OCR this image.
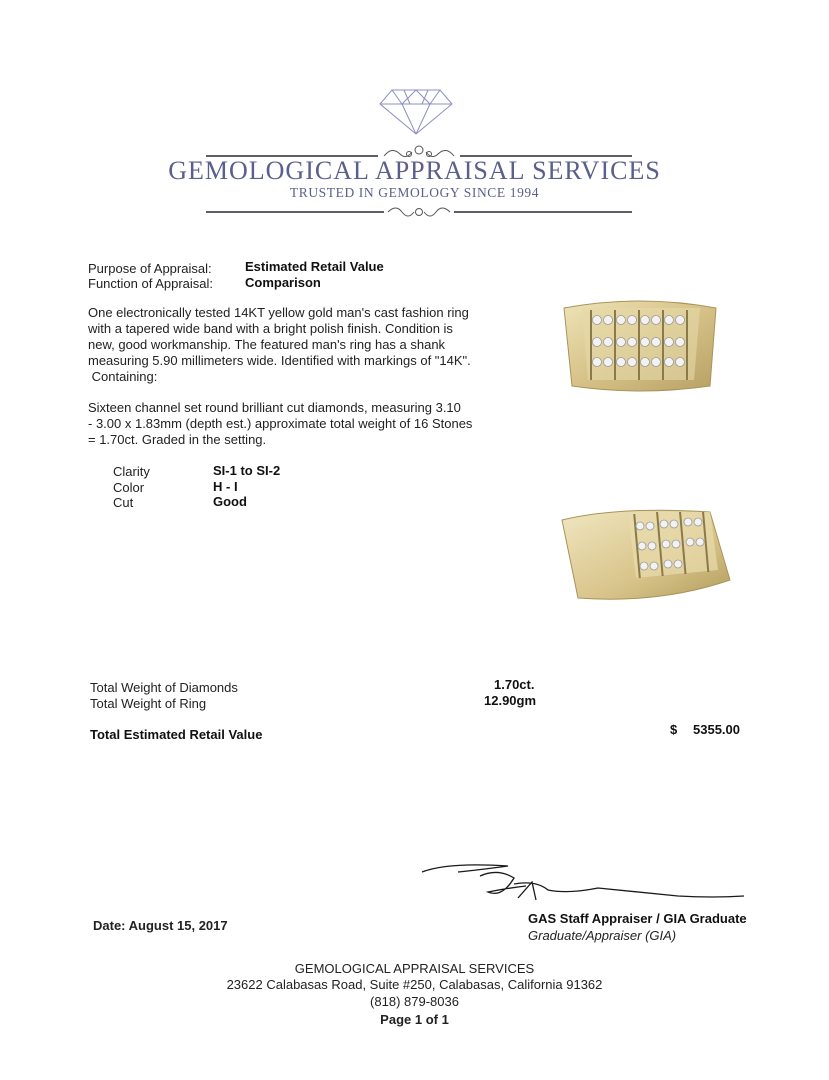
GEMOLOGICAL APPRAISAL SERVICES
TRUSTED IN GEMOLOGY SINCE 1994
Purpose of Appraisal:	Estimated Retail Value
Function of Appraisal: Comparison
One electronically tested 14KT yellow gold man's cast fashion ring
with a tapered wide band with a bright polish finish. Condition is
new, good workmanship. The featured man's ring has a shank
measuring 5.90 millimeters wide. Identified with markings of "14K".
Containing:
Sixteen channel set round brilliant cut diamonds, measuring 3.10
- 3.00 x 1.83mm (depth est.) approximate total weight of 16 Stones
= 1.70ct. Graded in the setting.
Clarity	SI-1 to SI-2
Color	H - I
Cut	Good
Total Weight of Diamonds	1.70ct.
Total Weight of Ring	12.90gm
Total Estimated Retail Value	$ 5355.00
Date: August 15, 2017	GAS Staff Appraiser / GIA Graduate
Graduate/Appraiser (GIA)
GEMOLOGICAL APPRAISAL SERVICES
23622 Calabasas Road, Suite #250, Calabasas, California 91362
(818) 879-8036
Page 1 of 1
